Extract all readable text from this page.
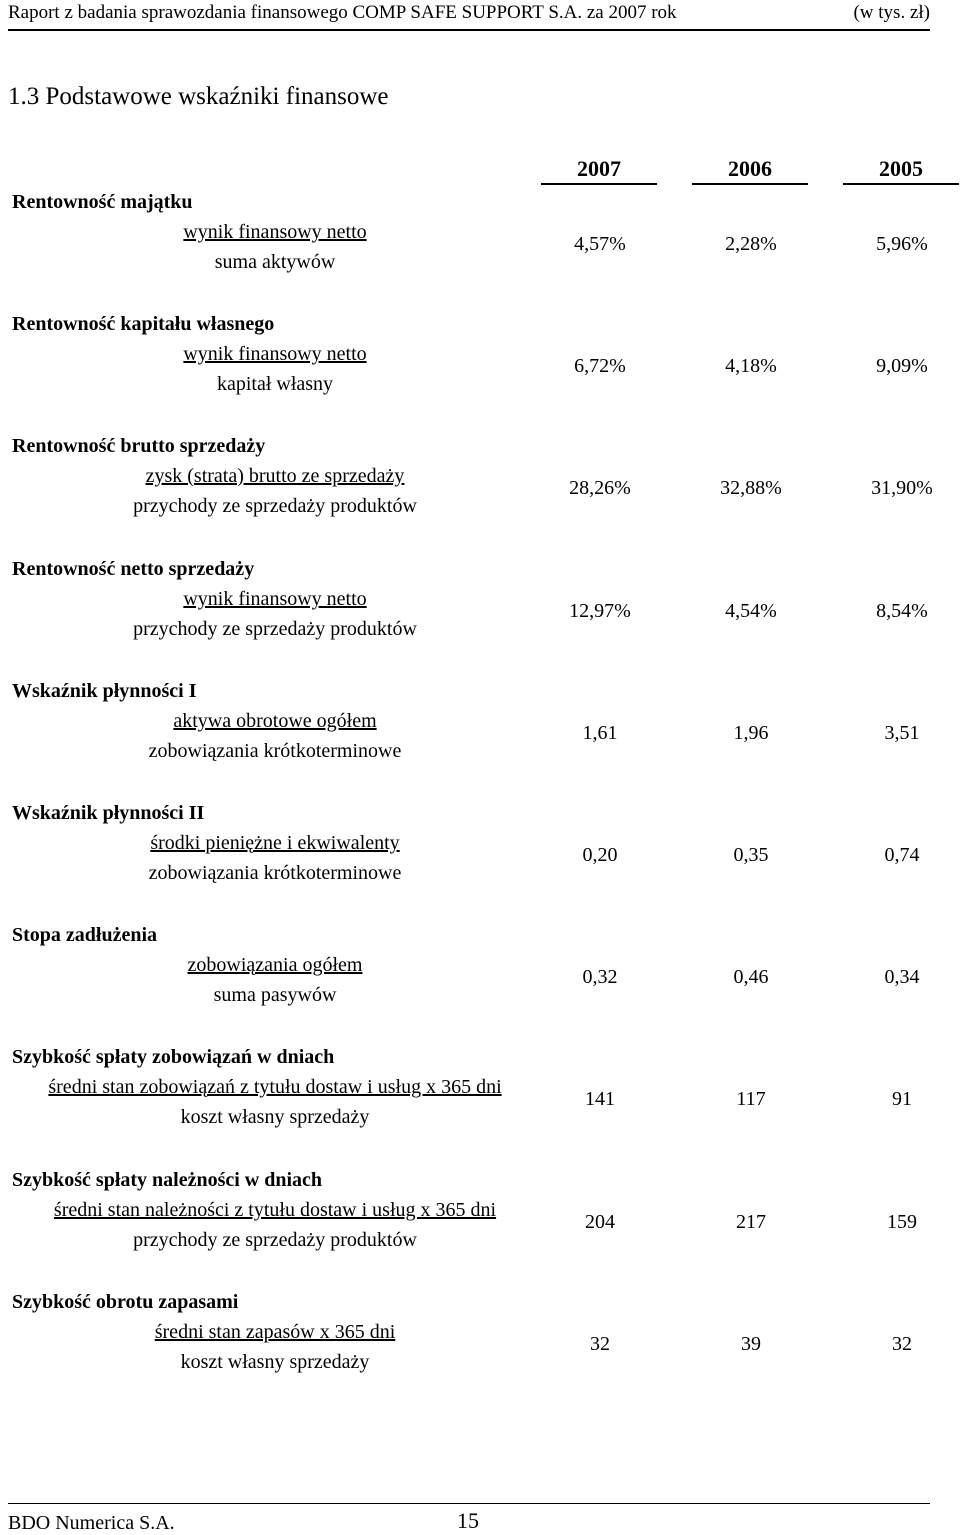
Raport z badania sprawozdania finansowego COMP SAFE SUPPORT S.A. za 2007 rok	(w tys. zł)
1.3 Podstawowe wskaźniki finansowe
2007	2006	2005
Rentowność majątku
wynik finansowy netto
suma aktywów
4,57%	2,28%	5,96%
Rentowność kapitału własnego
wynik finansowy netto
kapitał własny
6,72%	4,18%	9,09%
Rentowność brutto sprzedaży
zysk (strata) brutto ze sprzedaży
przychody ze sprzedaży produktów
28,26%	32,88%	31,90%
Rentowność netto sprzedaży
wynik finansowy netto
przychody ze sprzedaży produktów
12,97%	4,54%	8,54%
Wskaźnik płynności I
aktywa obrotowe ogółem
zobowiązania krótkoterminowe
1,61	1,96	3,51
Wskaźnik płynności II
środki pieniężne i ekwiwalenty
zobowiązania krótkoterminowe
0,20	0,35	0,74
Stopa zadłużenia
zobowiązania ogółem
suma pasywów
0,32	0,46	0,34
Szybkość spłaty zobowiązań w dniach
średni stan zobowiązań z tytułu dostaw i usług x 365 dni
koszt własny sprzedaży
141	117	91
Szybkość spłaty należności w dniach
średni stan należności z tytułu dostaw i usług x 365 dni
przychody ze sprzedaży produktów
204	217	159
Szybkość obrotu zapasami
średni stan zapasów x 365 dni
koszt własny sprzedaży
32	39	32
BDO Numerica S.A.	15
